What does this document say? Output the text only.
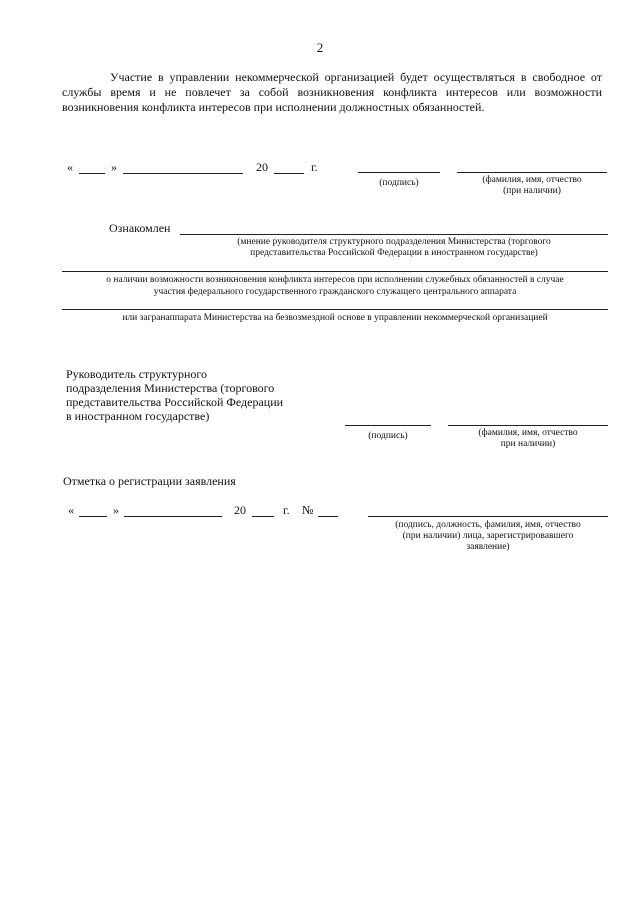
2
Участие в управлении некоммерческой организацией будет осуществляться в свободное от службы время и не повлечет за собой возникновения конфликта интересов или возможности возникновения конфликта интересов при исполнении должностных обязанностей.
«	»	20	г.
(подпись)	(фамилия, имя, отчество
(при наличии)
Ознакомлен
(мнение руководителя структурного подразделения Министерства (торгового
представительства Российской Федерации в иностранном государстве)
о наличии возможности возникновения конфликта интересов при исполнении служебных обязанностей в случае
участия федерального государственного гражданского служащего центрального аппарата
или загранаппарата Министерства на безвозмездной основе в управлении некоммерческой организацией
Руководитель структурного
подразделения Министерства (торгового
представительства Российской Федерации
в иностранном государстве)
(подпись)	(фамилия, имя, отчество
при наличии)
Отметка о регистрации заявления
«	»	20	г. №
(подпись, должность, фамилия, имя, отчество
(при наличии) лица, зарегистрировавшего
заявление)
